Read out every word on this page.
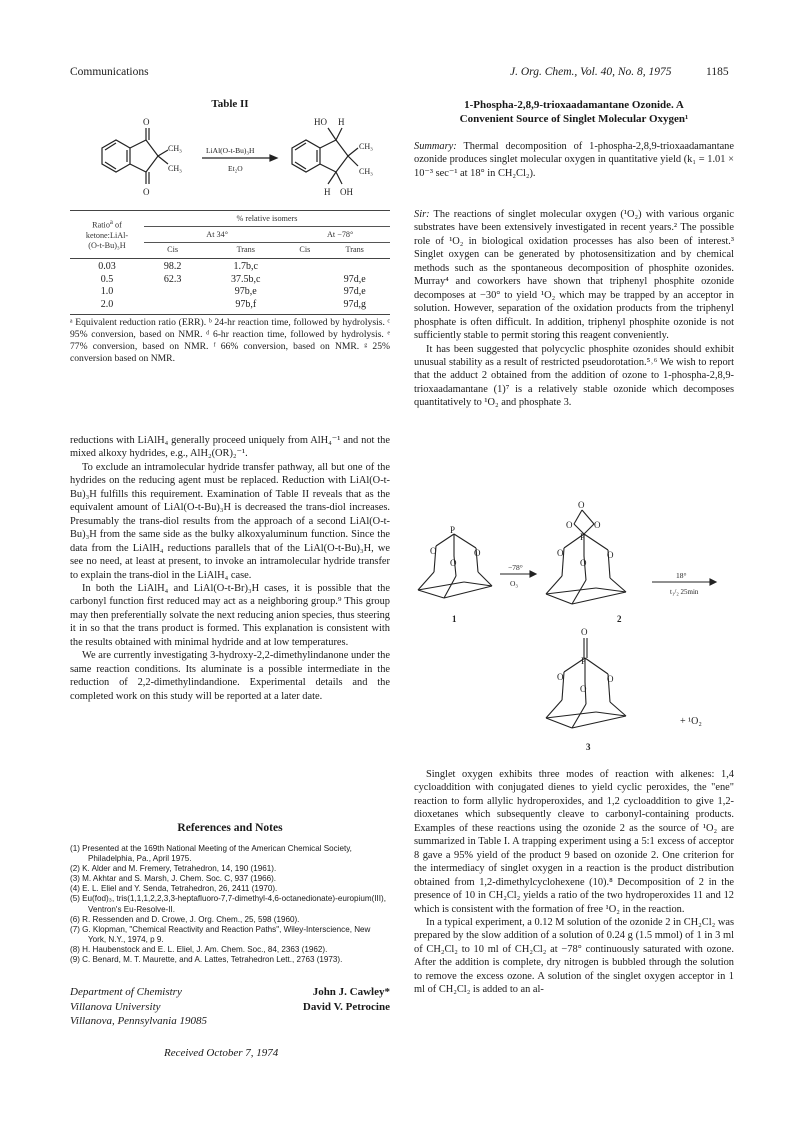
Communications	J. Org. Chem., Vol. 40, No. 8, 1975	1185
Table II
O
O
CH₃
CH₃
LiAl(O-t-Bu)₃H
Et₂O
HO H
CH₃
CH₃
H OH
Ratio$^a$ of
ketone:LiAl-
(O-t-Bu)₃H	% relative isomers			
	At 34°		At −78°	
	Cis	Trans	Cis	Trans

0.03	98.2	1.7b,c		
0.5	62.3	37.5b,c		97d,e
1.0		97b,e		97d,e
2.0		97b,f		97d,g
ᵃ Equivalent reduction ratio (ERR). ᵇ 24-hr reaction time, followed by hydrolysis. ᶜ 95% conversion, based on NMR. ᵈ 6-hr reaction time, followed by hydrolysis. ᵉ 77% conversion, based on NMR. ᶠ 66% conversion, based on NMR. ᵍ 25% conversion based on NMR.

reductions with LiAlH₄ generally proceed uniquely from AlH₄⁻¹ and not the mixed alkoxy hydrides, e.g., AlH₂(OR)₂⁻¹.

To exclude an intramolecular hydride transfer pathway, all but one of the hydrides on the reducing agent must be replaced. Reduction with LiAl(O-t-Bu)₃H fulfills this requirement. Examination of Table II reveals that as the equivalent amount of LiAl(O-t-Bu)₃H is decreased the trans-diol increases. Presumably the trans-diol results from the approach of a second LiAl(O-t-Bu)₃H from the same side as the bulky alkoxyaluminum function. Since the data from the LiAlH₄ reductions parallels that of the LiAl(O-t-Bu)₃H, we see no need, at least at present, to invoke an intramolecular hydride transfer to explain the trans-diol in the LiAlH₄ case.

In both the LiAlH₄ and LiAl(O-t-Br)₃H cases, it is possible that the carbonyl function first reduced may act as a neighboring group.⁹ This group may then preferentially solvate the next reducing anion species, thus steering it in so that the trans product is formed. This explanation is consistent with the results obtained with minimal hydride and at low temperatures.

We are currently investigating 3-hydroxy-2,2-dimethylindanone under the same reaction conditions. Its aluminate is a possible intermediate in the reduction of 2,2-dimethylindandione. Experimental details and the completed work on this study will be reported at a later date.

References and Notes
(1) Presented at the 169th National Meeting of the American Chemical Society, Philadelphia, Pa., April 1975.
(2) K. Alder and M. Fremery, Tetrahedron, 14, 190 (1961).
(3) M. Akhtar and S. Marsh, J. Chem. Soc. C, 937 (1966).
(4) E. L. Eliel and Y. Senda, Tetrahedron, 26, 2411 (1970).
(5) Eu(fod)₃, tris(1,1,1,2,2,3,3-heptafluoro-7,7-dimethyl-4,6-octanedionate)-europium(III), Ventron's Eu-Resolve-II.
(6) R. Ressenden and D. Crowe, J. Org. Chem., 25, 598 (1960).
(7) G. Klopman, "Chemical Reactivity and Reaction Paths", Wiley-Interscience, New York, N.Y., 1974, p 9.
(8) H. Haubenstock and E. L. Eliel, J. Am. Chem. Soc., 84, 2363 (1962).
(9) C. Benard, M. T. Maurette, and A. Lattes, Tetrahedron Lett., 2763 (1973).
Department of Chemistry
Villanova University
Villanova, Pennsylvania 19085
John J. Cawley*
David V. Petrocine
Received October 7, 1974
1-Phospha-2,8,9-trioxaadamantane Ozonide. A
Convenient Source of Singlet Molecular Oxygen¹

Summary: Thermal decomposition of 1-phospha-2,8,9-trioxaadamantane ozonide produces singlet molecular oxygen in quantitative yield (k₁ = 1.01 × 10⁻³ sec⁻¹ at 18° in CH₂Cl₂).

Sir: The reactions of singlet molecular oxygen (¹O₂) with various organic substrates have been extensively investigated in recent years.² The possible role of ¹O₂ in biological oxidation processes has also been of interest.³ Singlet oxygen can be generated by photosensitization and by chemical methods such as the spontaneous decomposition of phosphite ozonides. Murray⁴ and coworkers have shown that triphenyl phosphite ozonide decomposes at −30° to yield ¹O₂ which may be trapped by an acceptor in solution. However, separation of the oxidation products from the triphenyl phosphate is often difficult. In addition, triphenyl phosphite ozonide is not sufficiently stable to permit storing this reagent conveniently.

It has been suggested that polycyclic phosphite ozonides should exhibit unusual stability as a result of restricted pseudorotation.⁵˒⁶ We wish to report that the adduct 2 obtained from the addition of ozone to 1-phospha-2,8,9-trioxaadamantane (1)⁷ is a relatively stable ozonide which decomposes quantitatively to ¹O₂ and phosphate 3.

P
O	O
O
1
−78°
O₃
O
O O
P
O	O
O
2
18°
t₁/₂ 25min
O
P
O	O
O
+ ¹O₂
3

Singlet oxygen exhibits three modes of reaction with alkenes: 1,4 cycloaddition with conjugated dienes to yield cyclic peroxides, the "ene" reaction to form allylic hydroperoxides, and 1,2 cycloaddition to give 1,2-dioxetanes which subsequently cleave to carbonyl-containing products. Examples of these reactions using the ozonide 2 as the source of ¹O₂ are summarized in Table I. A trapping experiment using a 5:1 excess of acceptor 8 gave a 95% yield of the product 9 based on ozonide 2. One criterion for the intermediacy of singlet oxygen in a reaction is the product distribution obtained from 1,2-dimethylcyclohexene (10).⁸ Decomposition of 2 in the presence of 10 in CH₂Cl₂ yields a ratio of the two hydroperoxides 11 and 12 which is consistent with the formation of free ¹O₂ in the reaction.

In a typical experiment, a 0.12 M solution of the ozonide 2 in CH₂Cl₂ was prepared by the slow addition of a solution of 0.24 g (1.5 mmol) of 1 in 3 ml of CH₂Cl₂ to 10 ml of CH₂Cl₂ at −78° continuously saturated with ozone. After the addition is complete, dry nitrogen is bubbled through the solution to remove the excess ozone. A solution of the singlet oxygen acceptor in 1 ml of CH₂Cl₂ is added to an al-
